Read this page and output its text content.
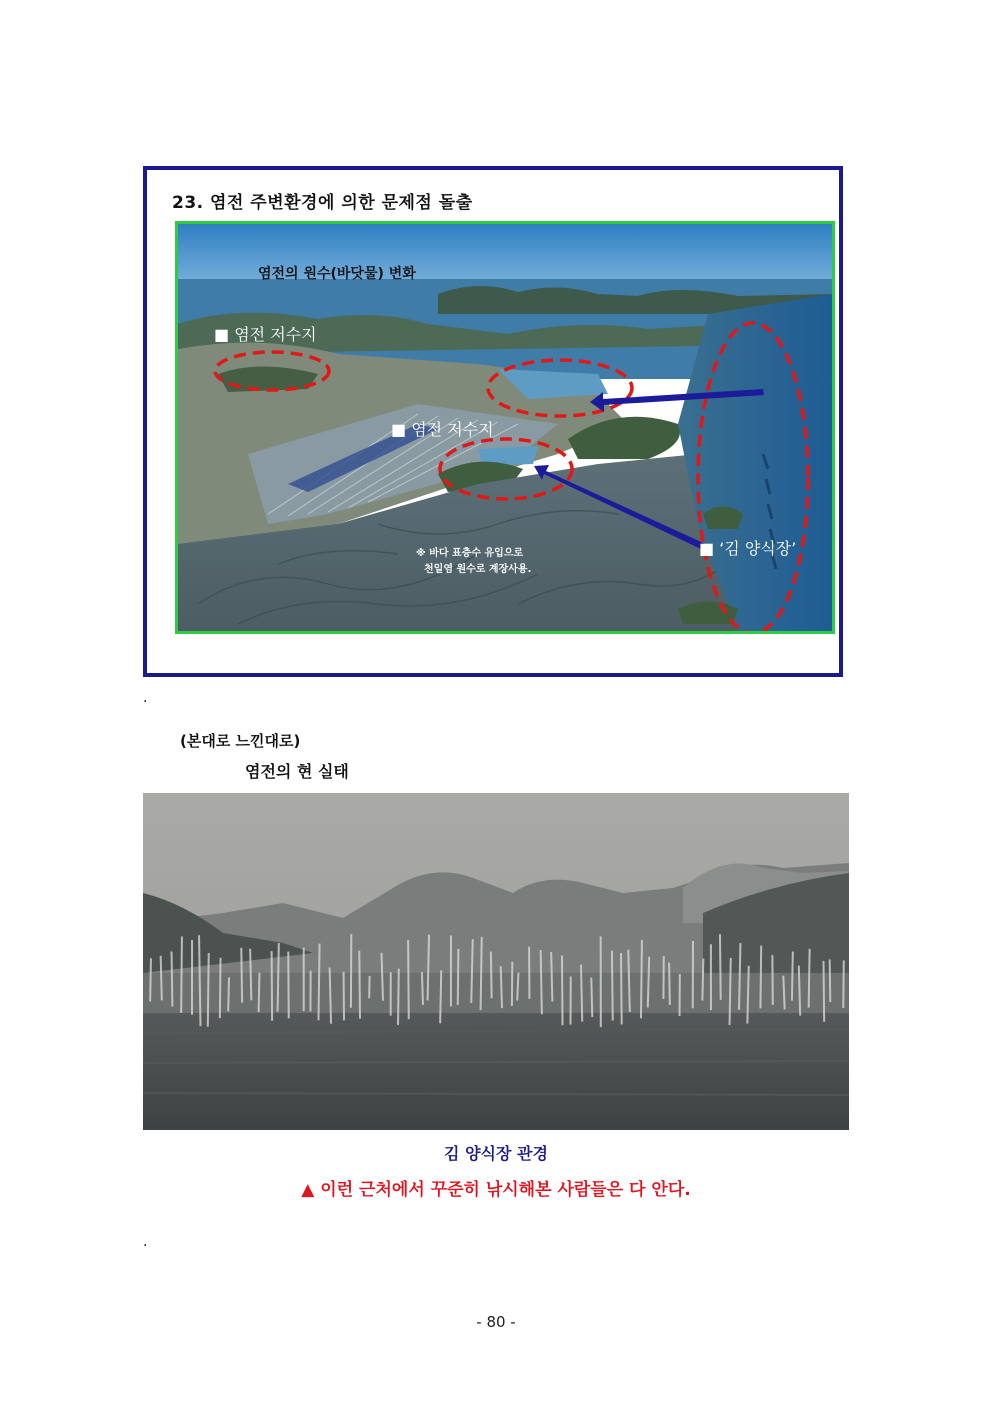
23. 염전 주변환경에 의한 문제점 돌출
염전의 원수(바닷물) 변화
■ 염전 저수지
■ 염전 저수지
■ ‘김 양식장’
※ 바다 표층수 유입으로
천일염 원수로 계장사용.
.
(본대로 느낀대로)
염전의 현 실태
김 양식장 관경
▲ 이런 근처에서 꾸준히 낚시해본 사람들은 다 안다.
.
- 80 -
